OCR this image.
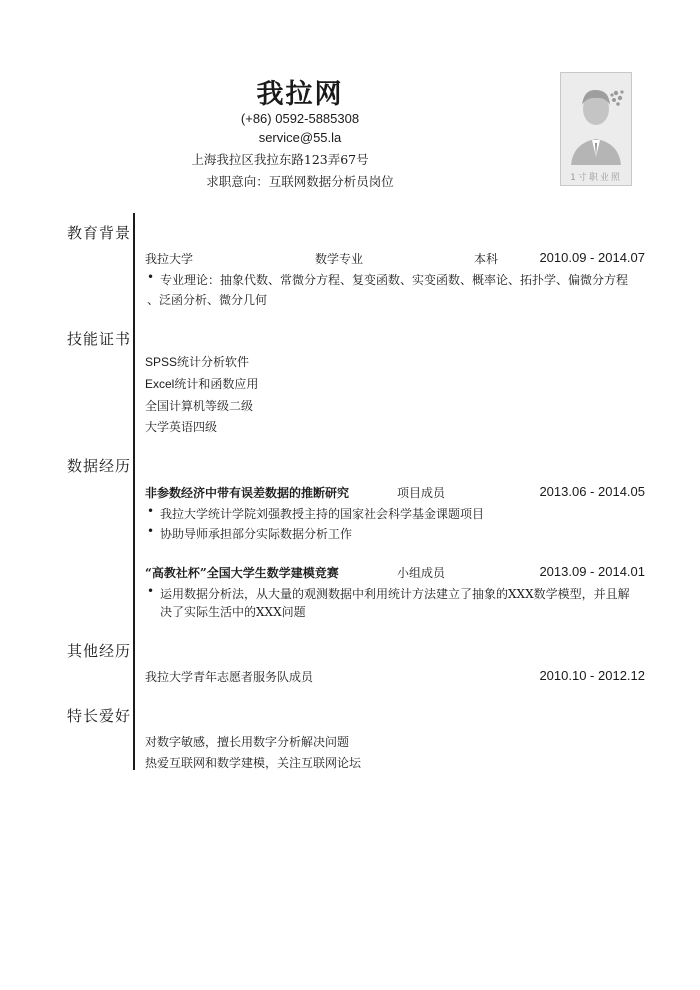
我拉网
(+86) 0592-5885308
service@55.la
上海我拉区我拉东路123弄67号
求职意向：互联网数据分析员岗位	1寸职业照
教育背景
我拉大学	数学专业	本科	2010.09 - 2014.07
• 专业理论：抽象代数、常微分方程、复变函数、实变函数、概率论、拓扑学、偏微分方程
、泛函分析、微分几何
技能证书
SPSS统计分析软件
Excel统计和函数应用
全国计算机等级二级
大学英语四级
数据经历
非参数经济中带有误差数据的推断研究	项目成员	2013.06 - 2014.05
• 我拉大学统计学院刘强教授主持的国家社会科学基金课题项目
• 协助导师承担部分实际数据分析工作
“高教社杯”全国大学生数学建模竞赛	小组成员	2013.09 - 2014.01
• 运用数据分析法，从大量的观测数据中利用统计方法建立了抽象的XXX数学模型，并且解
决了实际生活中的XXX问题
其他经历
我拉大学青年志愿者服务队成员	2010.10 - 2012.12
特长爱好
对数字敏感，擅长用数字分析解决问题
热爱互联网和数学建模，关注互联网论坛
